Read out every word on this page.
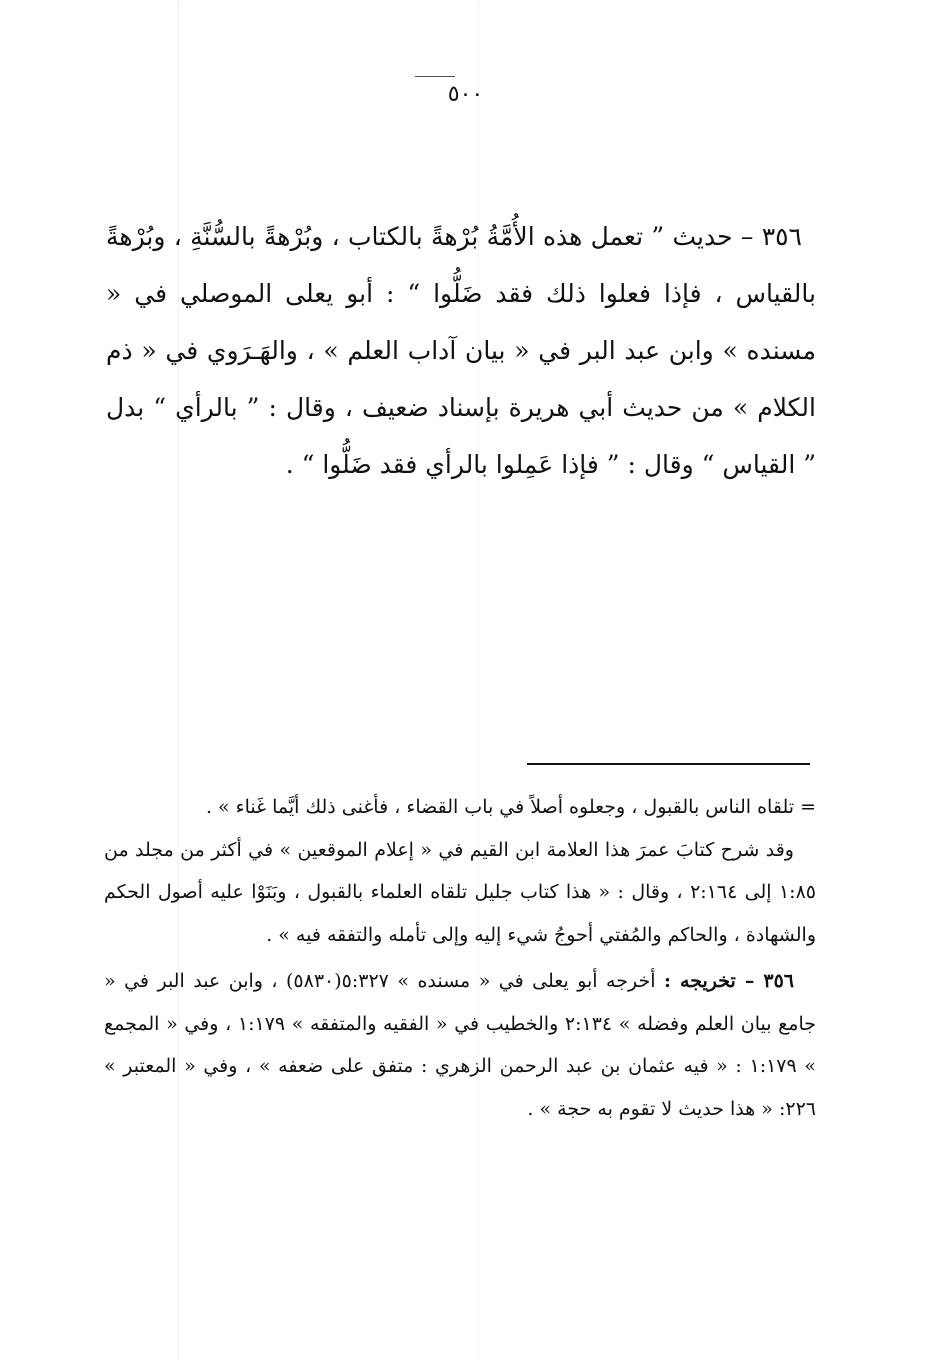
٥٠٠

٣٥٦ – حديث ” تعمل هذه الأُمَّةُ بُرْهةً بالكتاب ، وبُرْهةً بالسُّنَّةِ ، وبُرْهةً بالقياس ، فإذا فعلوا ذلك فقد ضَلُّوا “ : أبو يعلى الموصلي في « مسنده » وابن عبد البر في « بيان آداب العلم » ، والهَـرَوي في « ذم الكلام » من حديث أبي هريرة بإسناد ضعيف ، وقال : ” بالرأي “ بدل ” القياس “ وقال : ” فإذا عَمِلوا بالرأي فقد ضَلُّوا “ .

= تلقاه الناس بالقبول ، وجعلوه أصلاً في باب القضاء ، فأغنى ذلك أيَّما غَناء » .

وقد شرح كتابَ عمرَ هذا العلامة ابن القيم في « إعلام الموقعين » في أكثر من مجلد من ١:٨٥ إلى ٢:١٦٤ ، وقال : « هذا كتاب جليل تلقاه العلماء بالقبول ، وبَنَوْا عليه أصول الحكم والشهادة ، والحاكم والمُفتي أحوجُ شيء إليه وإلى تأمله والتفقه فيه » .

٣٥٦ – تخريجه : أخرجه أبو يعلى في « مسنده » ٥:٣٢٧(٥٨٣٠) ، وابن عبد البر في « جامع بيان العلم وفضله » ٢:١٣٤ والخطيب في « الفقيه والمتفقه » ١:١٧٩ ، وفي « المجمع » ١:١٧٩ : « فيه عثمان بن عبد الرحمن الزهري : متفق على ضعفه » ، وفي « المعتبر » ٢٢٦: « هذا حديث لا تقوم به حجة » .
